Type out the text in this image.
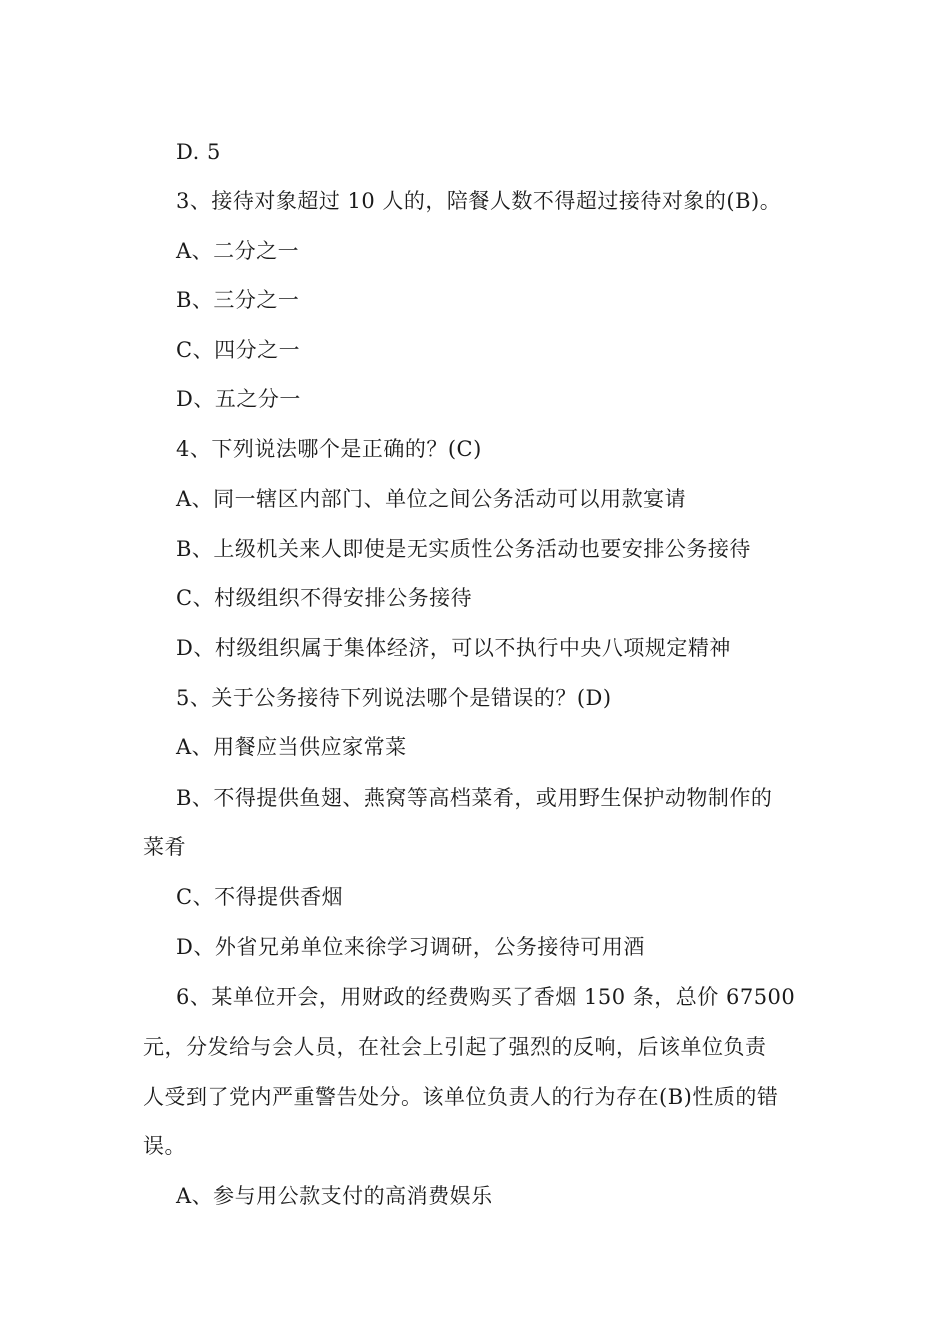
D. 5
3、接待对象超过 10 人的，陪餐人数不得超过接待对象的(B)。
A、二分之一
B、三分之一
C、四分之一
D、五之分一
4、下列说法哪个是正确的？(C)
A、同一辖区内部门、单位之间公务活动可以用款宴请
B、上级机关来人即使是无实质性公务活动也要安排公务接待
C、村级组织不得安排公务接待
D、村级组织属于集体经济，可以不执行中央八项规定精神
5、关于公务接待下列说法哪个是错误的？(D)
A、用餐应当供应家常菜
B、不得提供鱼翅、燕窝等高档菜肴，或用野生保护动物制作的
菜肴
C、不得提供香烟
D、外省兄弟单位来徐学习调研，公务接待可用酒
6、某单位开会，用财政的经费购买了香烟 150 条，总价 67500
元，分发给与会人员，在社会上引起了强烈的反响，后该单位负责
人受到了党内严重警告处分。该单位负责人的行为存在(B)性质的错
误。
A、参与用公款支付的高消费娱乐
